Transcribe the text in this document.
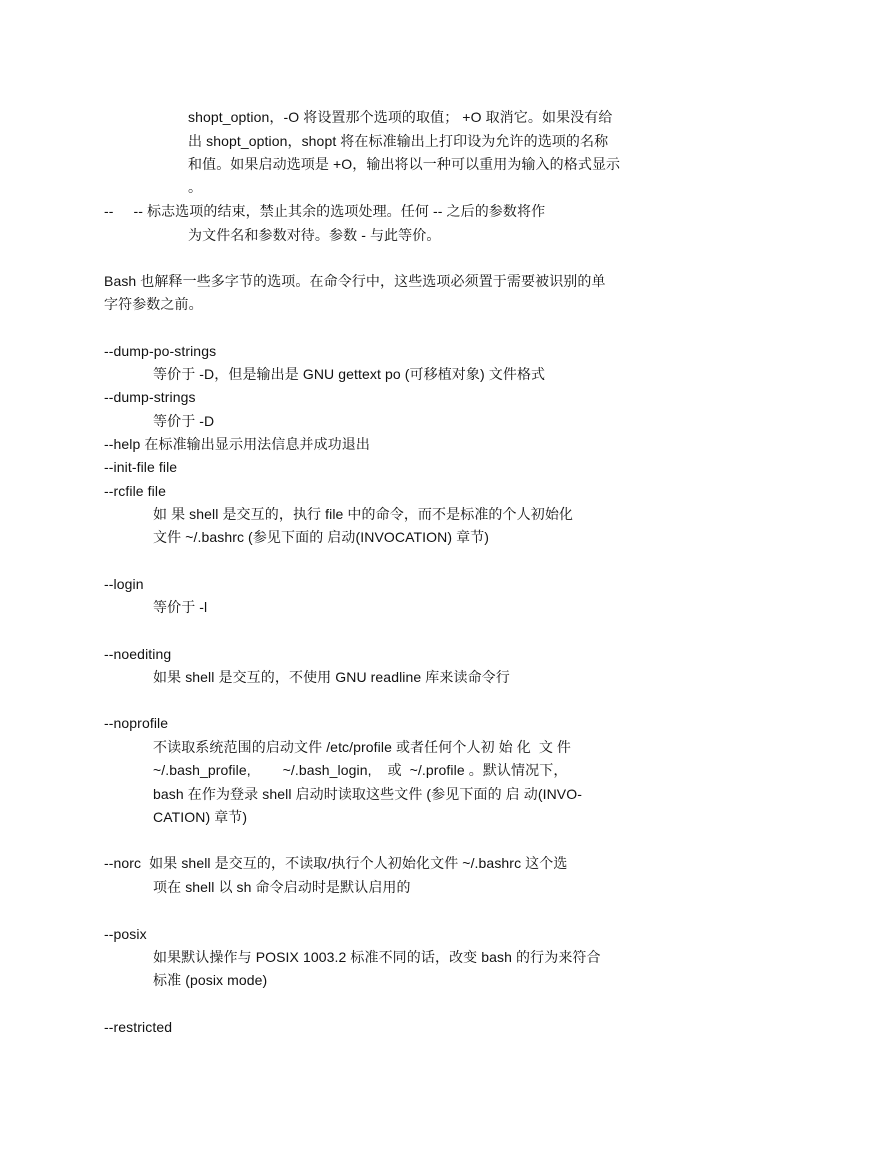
shopt_option，-O 将设置那个选项的取值； +O 取消它。如果没有给
出 shopt_option，shopt 将在标准输出上打印设为允许的选项的名称
和值。如果启动选项是 +O，输出将以一种可以重用为输入的格式显示
。
--     -- 标志选项的结束，禁止其余的选项处理。任何 -- 之后的参数将作
为文件名和参数对待。参数 - 与此等价。
Bash 也解释一些多字节的选项。在命令行中，这些选项必须置于需要被识别的单
字符参数之前。
--dump-po-strings
等价于 -D，但是输出是 GNU gettext po (可移植对象) 文件格式
--dump-strings
等价于 -D
--help 在标准输出显示用法信息并成功退出
--init-file file
--rcfile file
如 果 shell 是交互的，执行 file 中的命令，而不是标准的个人初始化
文件 ~/.bashrc (参见下面的 启动(INVOCATION) 章节)
--login
等价于 -l
--noediting
如果 shell 是交互的，不使用 GNU readline 库来读命令行
--noprofile
不读取系统范围的启动文件 /etc/profile 或者任何个人初 始 化  文 件
~/.bash_profile,        ~/.bash_login,    或  ~/.profile 。默认情况下，
bash 在作为登录 shell 启动时读取这些文件 (参见下面的 启 动(INVO-
CATION) 章节)
--norc  如果 shell 是交互的，不读取/执行个人初始化文件 ~/.bashrc 这个选
项在 shell 以 sh 命令启动时是默认启用的
--posix
如果默认操作与 POSIX 1003.2 标准不同的话，改变 bash 的行为来符合
标准 (posix mode)
--restricted
